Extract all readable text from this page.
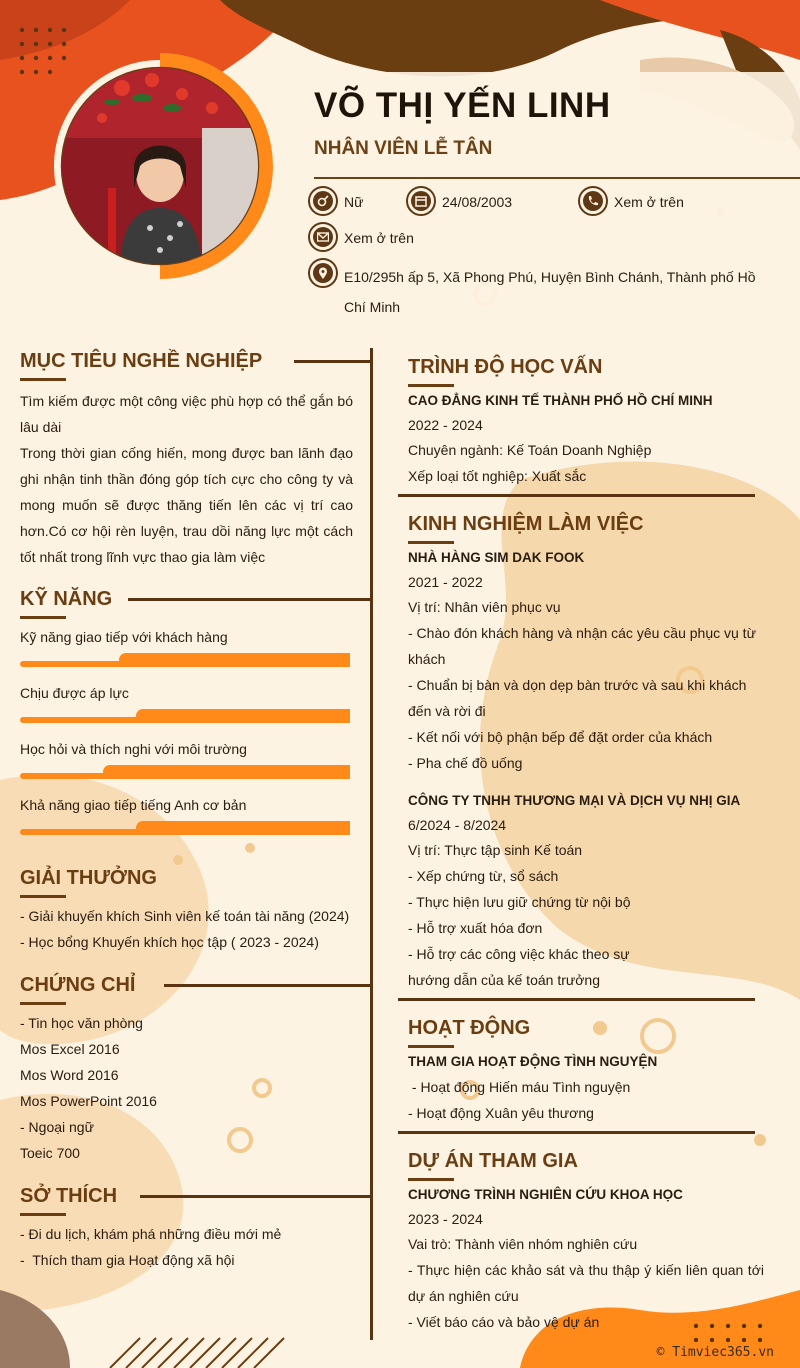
VÕ THỊ YẾN LINH
NHÂN VIÊN LỄ TÂN
Nữ	24/08/2003	Xem ở trên
Xem ở trên
E10/295h ấp 5, Xã Phong Phú, Huyện Bình Chánh, Thành phố Hồ Chí Minh
MỤC TIÊU NGHỀ NGHIỆP
Tìm kiếm được một công việc phù hợp có thể gắn bó lâu dài
Trong thời gian cống hiến, mong được ban lãnh đạo ghi nhận tinh thần đóng góp tích cực cho công ty và mong muốn sẽ được thăng tiến lên các vị trí cao hơn.Có cơ hội rèn luyện, trau dồi năng lực một cách tốt nhất trong lĩnh vực thao gia làm việc
KỸ NĂNG
Kỹ năng giao tiếp với khách hàng
Chịu được áp lực
Học hỏi và thích nghi với môi trường
Khả năng giao tiếp tiếng Anh cơ bản
GIẢI THƯỞNG
- Giải khuyến khích Sinh viên kế toán tài năng (2024)
- Học bổng Khuyến khích học tập ( 2023 - 2024)
CHỨNG CHỈ
- Tin học văn phòng
Mos Excel 2016
Mos Word 2016
Mos PowerPoint 2016
- Ngoại ngữ
Toeic 700
SỞ THÍCH
- Đi du lịch, khám phá những điều mới mẻ
-  Thích tham gia Hoạt động xã hội
TRÌNH ĐỘ HỌC VẤN
CAO ĐẲNG KINH TẾ THÀNH PHỐ HỒ CHÍ MINH
2022 - 2024
Chuyên ngành: Kế Toán Doanh Nghiệp
Xếp loại tốt nghiệp: Xuất sắc
KINH NGHIỆM LÀM VIỆC
NHÀ HÀNG SIM DAK FOOK
2021 - 2022
Vị trí: Nhân viên phục vụ
- Chào đón khách hàng và nhận các yêu cầu phục vụ từ khách
- Chuẩn bị bàn và dọn dẹp bàn trước và sau khi khách đến và rời đi
- Kết nối với bộ phận bếp để đặt order của khách
- Pha chế đồ uống
CÔNG TY TNHH THƯƠNG MẠI VÀ DỊCH VỤ NHỊ GIA
6/2024 - 8/2024
Vị trí: Thực tập sinh Kế toán
- Xếp chứng từ, sổ sách
- Thực hiện lưu giữ chứng từ nội bộ
- Hỗ trợ xuất hóa đơn
- Hỗ trợ các công việc khác theo sự hướng dẫn của kế toán trưởng
HOẠT ĐỘNG
THAM GIA HOẠT ĐỘNG TÌNH NGUYỆN
- Hoạt động Hiến máu Tình nguyện
- Hoạt động Xuân yêu thương
DỰ ÁN THAM GIA
CHƯƠNG TRÌNH NGHIÊN CỨU KHOA HỌC
2023 - 2024
Vai trò: Thành viên nhóm nghiên cứu
- Thực hiện các khảo sát và thu thập ý kiến liên quan tới dự án nghiên cứu
- Viết báo cáo và bảo vệ dự án
© Timviec365.vn
